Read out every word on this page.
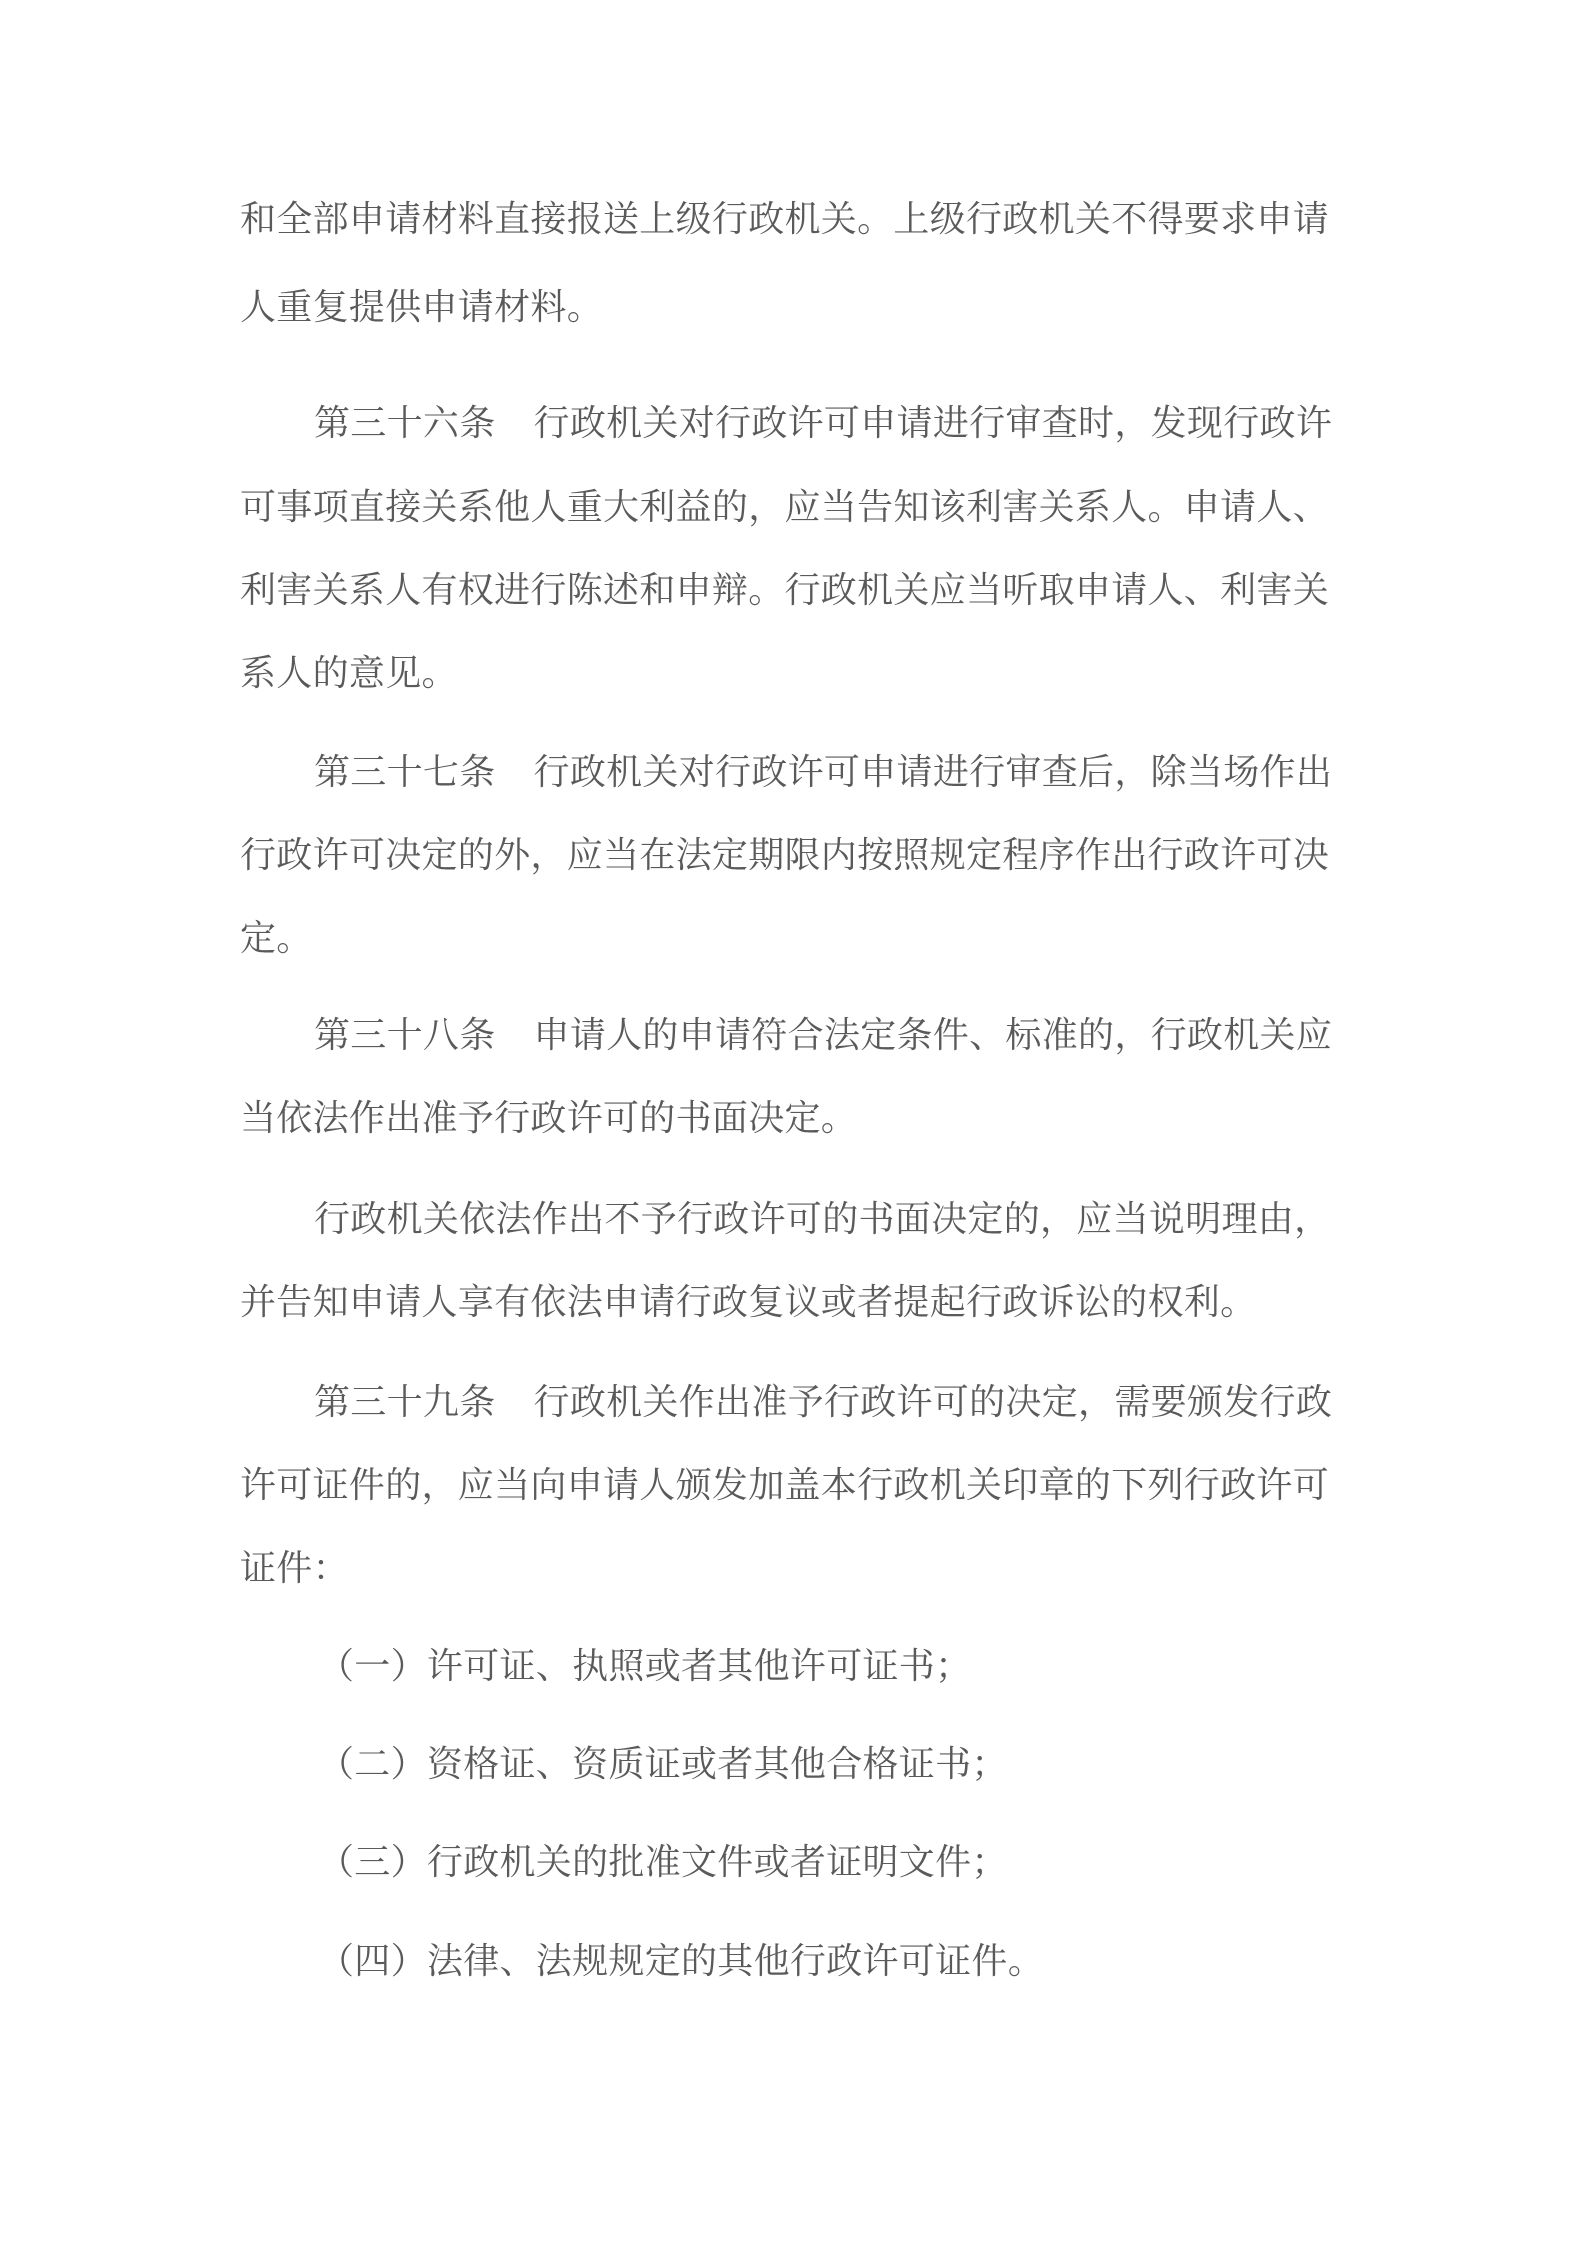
和全部申请材料直接报送上级行政机关。上级行政机关不得要求申请
人重复提供申请材料。
第三十六条 行政机关对行政许可申请进行审查时，发现行政许
可事项直接关系他人重大利益的，应当告知该利害关系人。申请人、
利害关系人有权进行陈述和申辩。行政机关应当听取申请人、利害关
系人的意见。
第三十七条 行政机关对行政许可申请进行审查后，除当场作出
行政许可决定的外，应当在法定期限内按照规定程序作出行政许可决
定。
第三十八条 申请人的申请符合法定条件、标准的，行政机关应
当依法作出准予行政许可的书面决定。
行政机关依法作出不予行政许可的书面决定的，应当说明理由，
并告知申请人享有依法申请行政复议或者提起行政诉讼的权利。
第三十九条 行政机关作出准予行政许可的决定，需要颁发行政
许可证件的，应当向申请人颁发加盖本行政机关印章的下列行政许可
证件：
（一）许可证、执照或者其他许可证书；
（二）资格证、资质证或者其他合格证书；
（三）行政机关的批准文件或者证明文件；
（四）法律、法规规定的其他行政许可证件。
